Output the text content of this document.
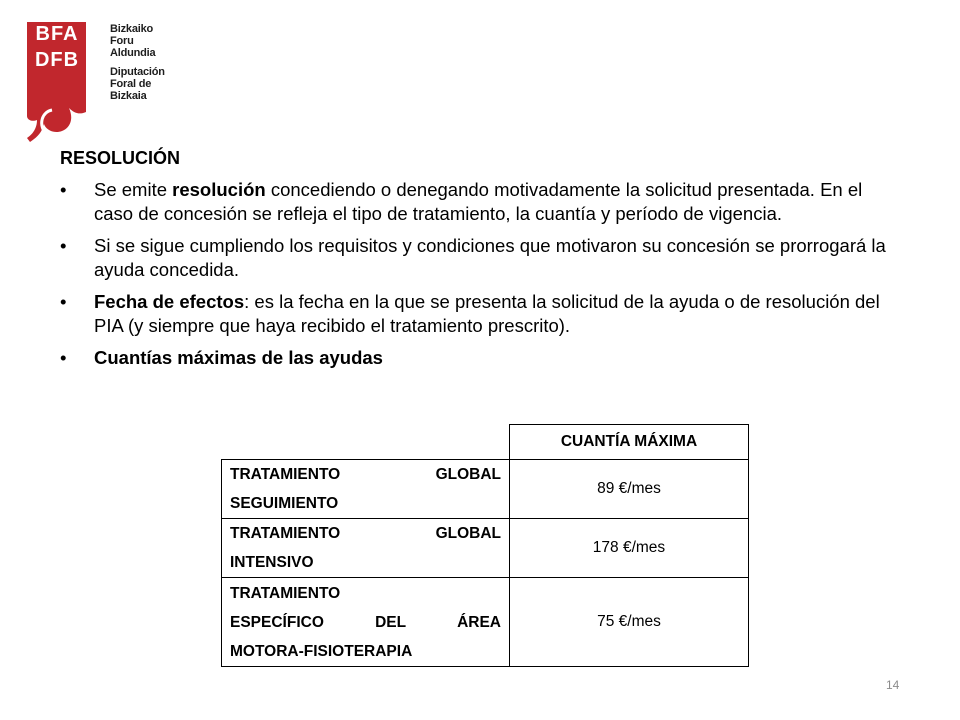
BFA
DFB
Bizkaiko Foru
Aldundia
Diputación
Foral de Bizkaia
RESOLUCIÓN
•	Se emite resolución concediendo o denegando motivadamente la solicitud presentada. En el caso de concesión se refleja el tipo de tratamiento, la cuantía y período de vigencia.
•	Si se sigue cumpliendo los requisitos y condiciones que motivaron su concesión se prorrogará la ayuda concedida.
•	Fecha de efectos: es la fecha en la que se presenta la solicitud de la ayuda o de resolución del PIA (y siempre que haya recibido el tratamiento prescrito).
•	Cuantías máximas de las ayudas
	CUANTÍA MÁXIMA
TRATAMIENTO GLOBAL
SEGUIMIENTO	89 €/mes
TRATAMIENTO GLOBAL
INTENSIVO	178 €/mes

TRATAMIENTO
ESPECÍFICO DEL ÁREA
MOTORA-FISIOTERAPIA	75 €/mes
14
